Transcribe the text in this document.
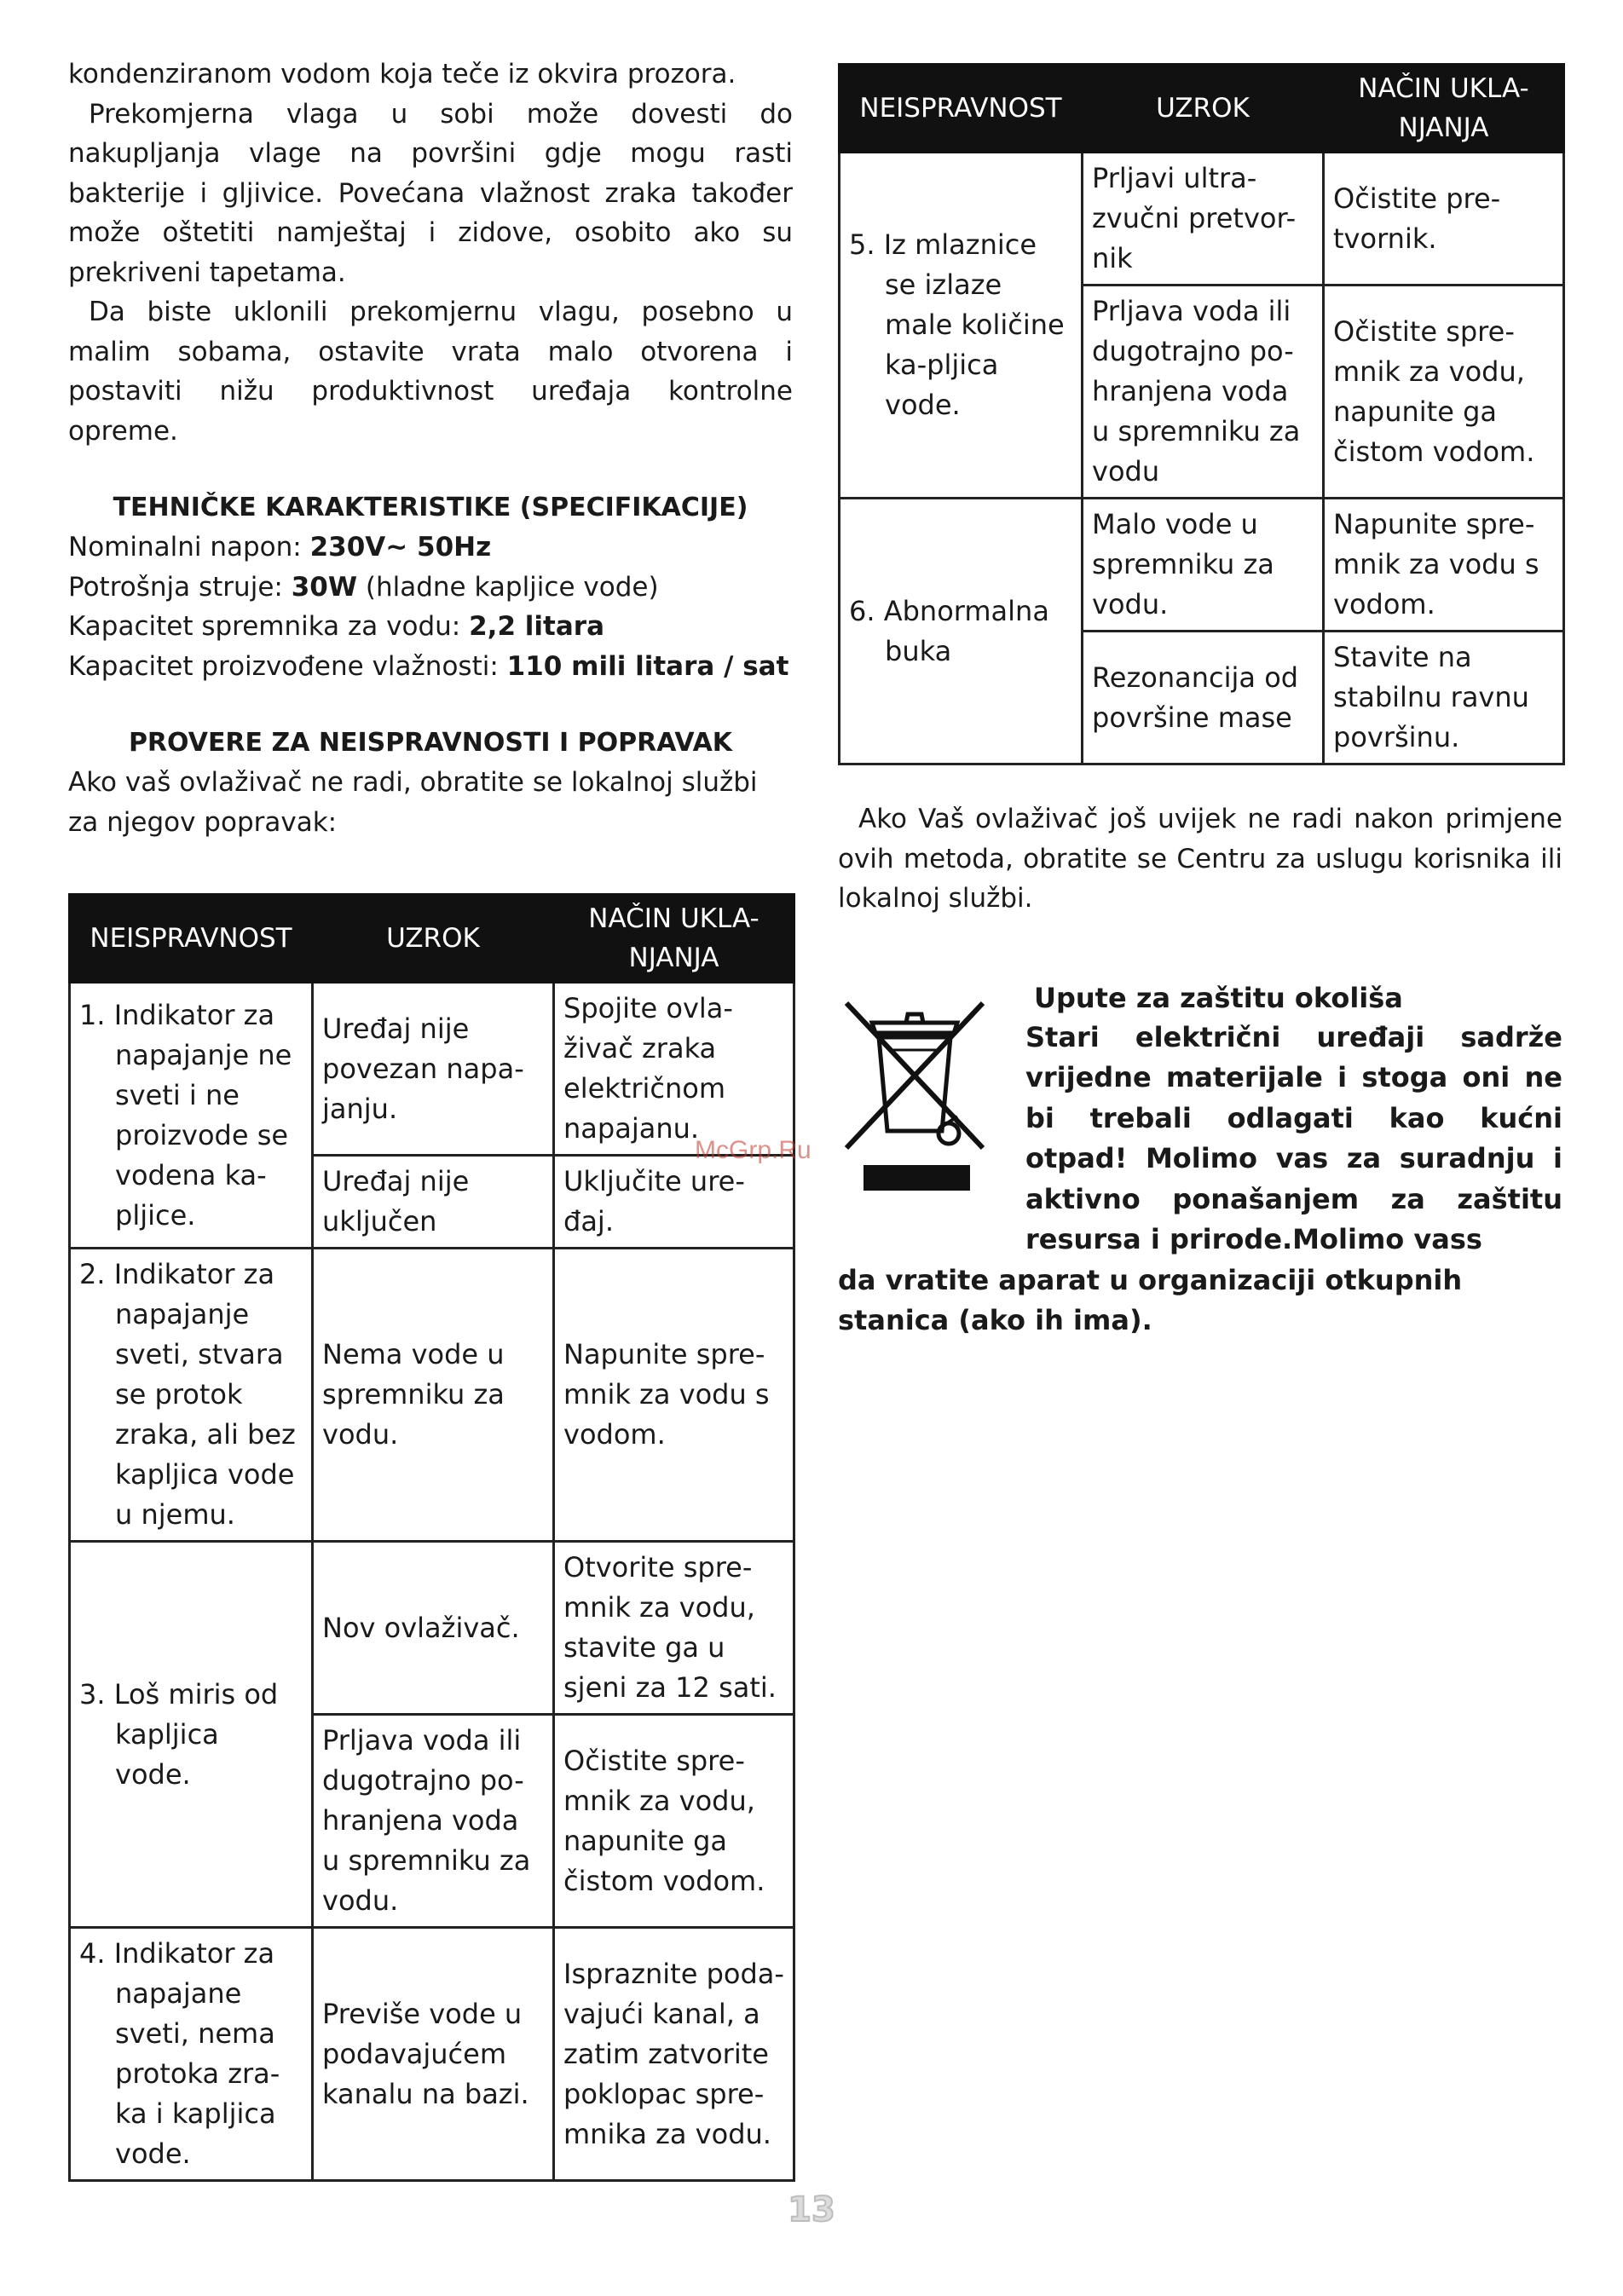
kondenziranom vodom koja teče iz okvira prozora.

Prekomjerna vlaga u sobi može dovesti do nakupljanja vlage na površini gdje mogu rasti bakterije i gljivice. Povećana vlažnost zraka također može oštetiti namještaj i zidove, osobito ako su prekriveni tapetama.

Da biste uklonili prekomjernu vlagu, posebno u malim sobama, ostavite vrata malo otvorena i postaviti nižu produktivnost uređaja kontrolne opreme.

TEHNIČKE KARAKTERISTIKE (SPECIFIKACIJE)

Nominalni napon: 230V~ 50Hz

Potrošnja struje: 30W (hladne kapljice vode)

Kapacitet spremnika za vodu: 2,2 litara

Kapacitet proizvođene vlažnosti: 110 mili litara / sat

PROVERE ZA NEISPRAVNOSTI I POPRAVAK

Ako vaš ovlaživač ne radi, obratite se lokalnoj službi za njegov popravak:

NEISPRAVNOST	UZROK	NAČIN UKLA-NJANJA

1. Indikator za napajanje ne sveti i ne proizvode se vodena ka-pljice.	Uređaj nije povezan napa-janju.	Spojite ovla-živač zraka električnom napajanu.
	Uređaj nije uključen	Uključite ure-đaj.

2. Indikator za napajanje sveti, stvara se protok zraka, ali bez kapljica vode u njemu.	Nema vode u spremniku za vodu.	Napunite spre-mnik za vodu s vodom.

3. Loš miris od kapljica vode.	Nov ovlaživač.	Otvorite spre-mnik za vodu, stavite ga u sjeni za 12 sati.
	Prljava voda ili dugotrajno po-hranjena voda u spremniku za vodu.	Očistite spre-mnik za vodu, napunite ga čistom vodom.

4. Indikator za napajane sveti, nema protoka zra-ka i kapljica vode.	Previše vode u podavajućem kanalu na bazi.	Ispraznite poda-vajući kanal, a zatim zatvorite poklopac spre-mnika za vodu.
NEISPRAVNOST	UZROK	NAČIN UKLA-NJANJA

5. Iz mlaznice se izlaze male količine ka-pljica vode.	Prljavi ultra-zvučni pretvor-nik	Očistite pre-tvornik.
	Prljava voda ili dugotrajno po-hranjena voda u spremniku za vodu	Očistite spre-mnik za vodu, napunite ga čistom vodom.

6. Abnormalna buka	Malo vode u spremniku za vodu.	Napunite spre-mnik za vodu s vodom.
	Rezonancija od površine mase	Stavite na stabilnu ravnu površinu.

Ako Vaš ovlaživač još uvijek ne radi nakon primjene ovih metoda, obratite se Centru za uslugu korisnika ili lokalnoj službi.

Upute za zaštitu okoliša

Stari električni uređaji sadrže vrijedne materijale i stoga oni ne bi trebali odlagati kao kućni otpad! Molimo vas za suradnju i aktivno ponašanjem za zaštitu resursa i prirode.Molimo vass

da vratite aparat u organizaciji otkupnih stanica (ako ih ima).

McGrp.Ru
13
